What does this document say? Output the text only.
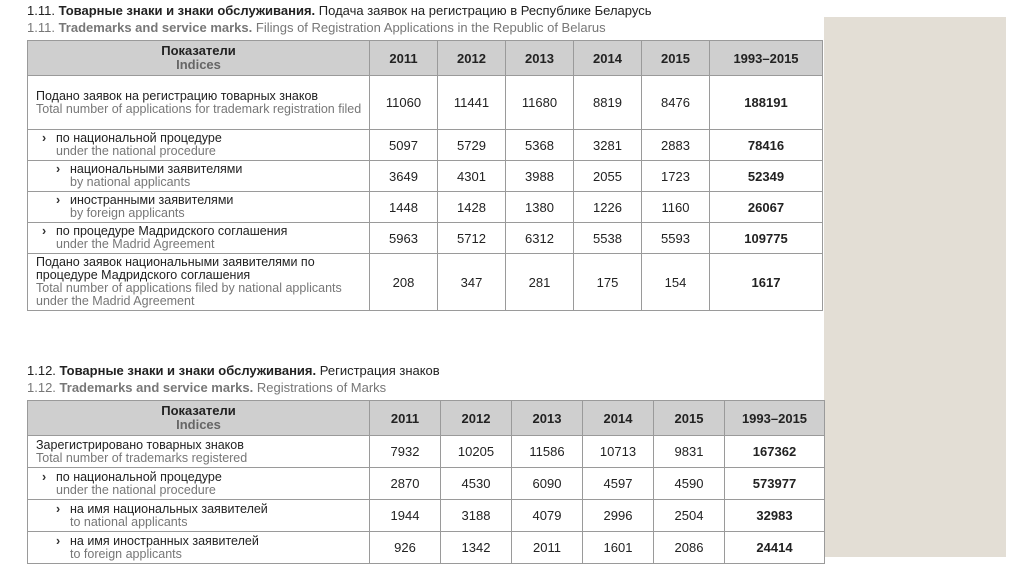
1.11. Товарные знаки и знаки обслуживания. Подача заявок на регистрацию в Республике Беларусь
1.11. Trademarks and service marks. Filings of Registration Applications in the Republic of Belarus
Показатели
Indices	2011	2012	2013	2014	2015	1993–2015
Подано заявок на регистрацию товарных знаков
Total number of applications for trademark registration filed	11060	11441	11680	8819	8476	188191
› по национальной процедуре
under the national procedure	5097	5729	5368	3281	2883	78416
› национальными заявителями
by national applicants	3649	4301	3988	2055	1723	52349
› иностранными заявителями
by foreign applicants	1448	1428	1380	1226	1160	26067
› по процедуре Мадридского соглашения
under the Madrid Agreement	5963	5712	6312	5538	5593	109775
Подано заявок национальными заявителями по процедуре Мадридского соглашения
Total number of applications filed by national applicants under the Madrid Agreement	208	347	281	175	154	1617
1.12. Товарные знаки и знаки обслуживания. Регистрация знаков
1.12. Trademarks and service marks. Registrations of Marks
Показатели
Indices	2011	2012	2013	2014	2015	1993–2015
Зарегистрировано товарных знаков
Total number of trademarks registered	7932	10205	11586	10713	9831	167362
› по национальной процедуре
under the national procedure	2870	4530	6090	4597	4590	573977
› на имя национальных заявителей
to national applicants	1944	3188	4079	2996	2504	32983
› на имя иностранных заявителей
to foreign applicants	926	1342	2011	1601	2086	24414
